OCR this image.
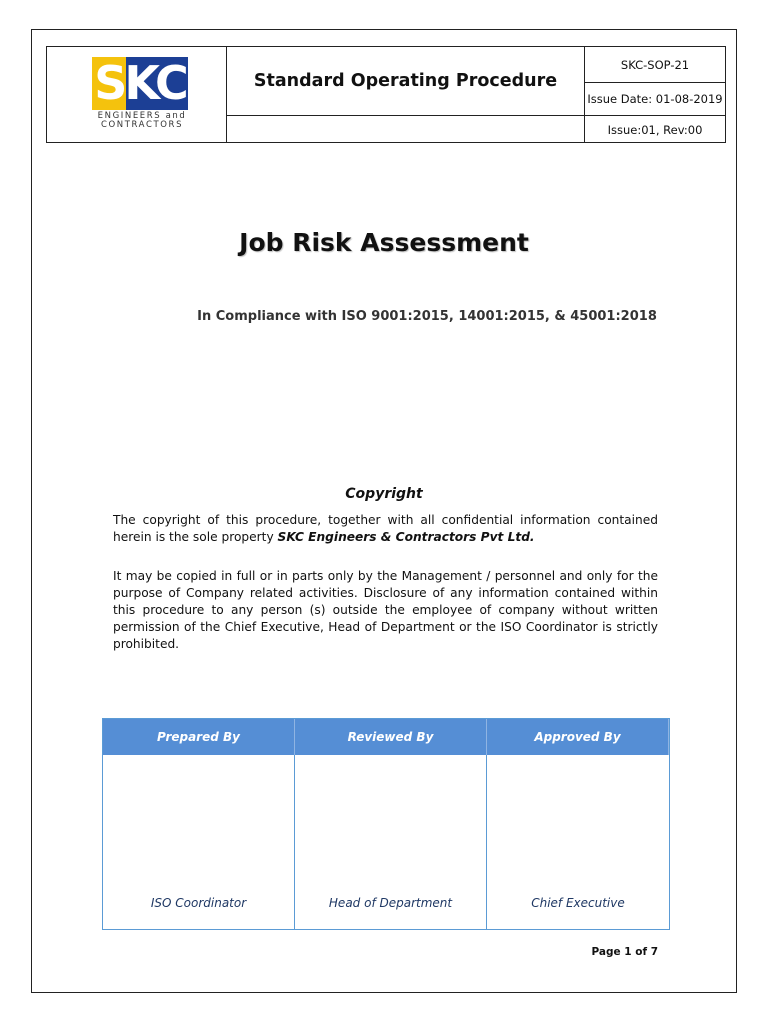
SKC
ENGINEERS and
CONTRACTORS
Standard Operating Procedure
SKC-SOP-21
Issue Date: 01-08-2019
Issue:01, Rev:00
Job Risk Assessment
In Compliance with ISO 9001:2015, 14001:2015, & 45001:2018
Copyright
The copyright of this procedure, together with all confidential information contained herein is the sole property SKC Engineers & Contractors Pvt Ltd.
It may be copied in full or in parts only by the Management / personnel and only for the purpose of Company related activities. Disclosure of any information contained within this procedure to any person (s) outside the employee of company without written permission of the Chief Executive, Head of Department or the ISO Coordinator is strictly prohibited.
Prepared By	Reviewed By	Approved By
ISO Coordinator	Head of Department	Chief Executive
Page 1 of 7
